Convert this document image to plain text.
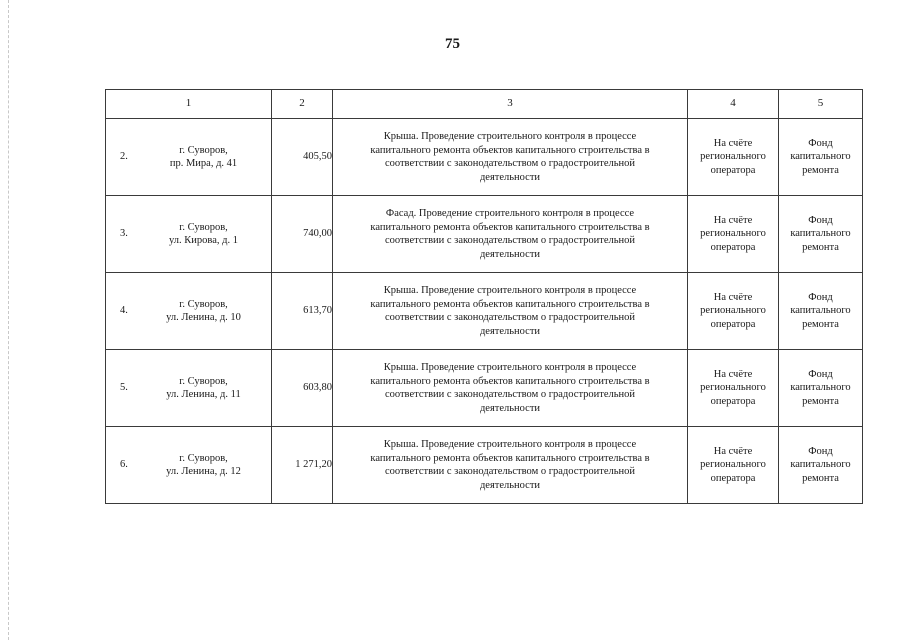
75
1	2	3	4	5

2.
г. Суворов,
пр. Мира, д. 41	405,50	Крыша. Проведение строительного контроля в процессе
капитального ремонта объектов капитального строительства в
соответствии с законодательством о градостроительной
деятельности	На счёте
регионального
оператора	Фонд
капитального
ремонта

3.
г. Суворов,
ул. Кирова, д. 1	740,00	Фасад. Проведение строительного контроля в процессе
капитального ремонта объектов капитального строительства в
соответствии с законодательством о градостроительной
деятельности	На счёте
регионального
оператора	Фонд
капитального
ремонта

4.
г. Суворов,
ул. Ленина, д. 10	613,70	Крыша. Проведение строительного контроля в процессе
капитального ремонта объектов капитального строительства в
соответствии с законодательством о градостроительной
деятельности	На счёте
регионального
оператора	Фонд
капитального
ремонта

5.
г. Суворов,
ул. Ленина, д. 11	603,80	Крыша. Проведение строительного контроля в процессе
капитального ремонта объектов капитального строительства в
соответствии с законодательством о градостроительной
деятельности	На счёте
регионального
оператора	Фонд
капитального
ремонта

6.
г. Суворов,
ул. Ленина, д. 12	1 271,20	Крыша. Проведение строительного контроля в процессе
капитального ремонта объектов капитального строительства в
соответствии с законодательством о градостроительной
деятельности	На счёте
регионального
оператора	Фонд
капитального
ремонта
